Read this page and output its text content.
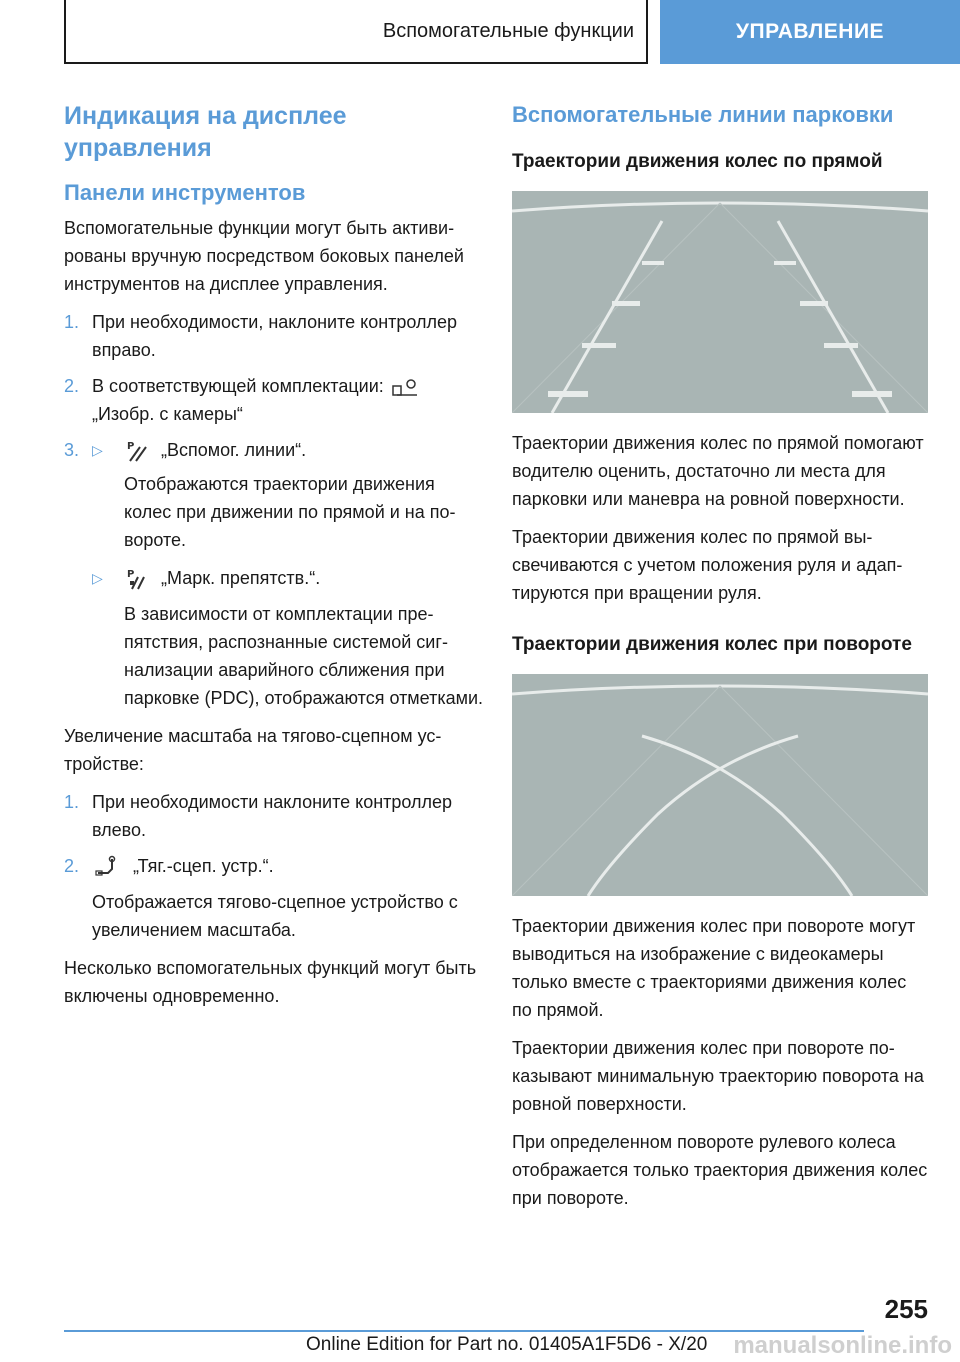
Вспомогательные функции	УПРАВЛЕНИЕ
Индикация на дисплее управления
Панели инструментов

Вспомогательные функции могут быть активированы вручную посредством боковых панелей инструментов на дисплее управления.

1. При необходимости, наклоните контроллер вправо.
2. В соответствующей комплектации:
„Изобр. с камеры“
3. ▷ P „Вспомог. линии“.

Отображаются траектории движения колес при движении по прямой и на повороте.

▷ P „Марк. препятств.“.

В зависимости от комплектации препятствия, распознанные системой сигнализации аварийного сближения при парковке (PDC), отображаются отметками.

Увеличение масштаба на тягово-сцепном устройстве:

1. При необходимости наклоните контроллер влево.
2.	„Тяг.-сцеп. устр.“.

Отображается тягово-сцепное устройство с увеличением масштаба.

Несколько вспомогательных функций могут быть включены одновременно.

Вспомогательные линии парковки
Траектории движения колес по прямой

Траектории движения колес по прямой помогают водителю оценить, достаточно ли места для парковки или маневра на ровной поверхности.

Траектории движения колес по прямой высвечиваются с учетом положения руля и адаптируются при вращении руля.

Траектории движения колес при повороте

Траектории движения колес при повороте могут выводиться на изображение с видеокамеры только вместе с траекториями движения колес по прямой.

Траектории движения колес при повороте показывают минимальную траекторию поворота на ровной поверхности.

При определенном повороте рулевого колеса отображается только траектория движения колес при повороте.

255
Online Edition for Part no. 01405A1F5D6 - X/20 manualsonline.info
